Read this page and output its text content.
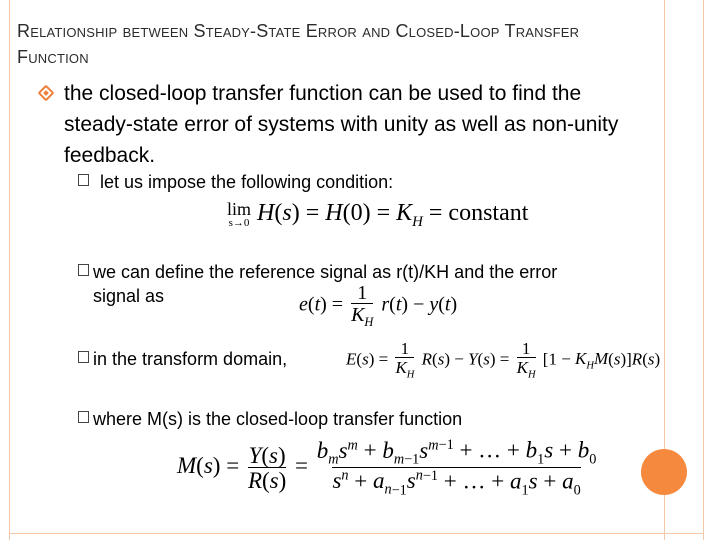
Relationship between Steady-State Error and Closed-Loop Transfer Function
the closed-loop transfer function can be used to find the steady-state error of systems with unity as well as non-unity feedback.
let us impose the following condition:
lim
s→0 $H(s) = H(0) = K_H$ = constant
we can define the reference signal as r(t)/KH and the error signal as	$e(t) = \frac{1}{K_H} r(t) - y(t)$
in the transform domain,	$E(s) = \frac{1}{K_H} R(s) - Y(s) = \frac{1}{K_H} [1 - K_HM(s)]R(s)$
where M(s) is the closed-loop transfer function
$M(s) = \frac{Y(s)}{R(s)} = \frac{b_ms^m + b_{m-1}s^{m-1} + \dots + b_1s + b_0}{s^n + a_{n-1}s^{n-1} + \dots + a_1s + a_0}$
